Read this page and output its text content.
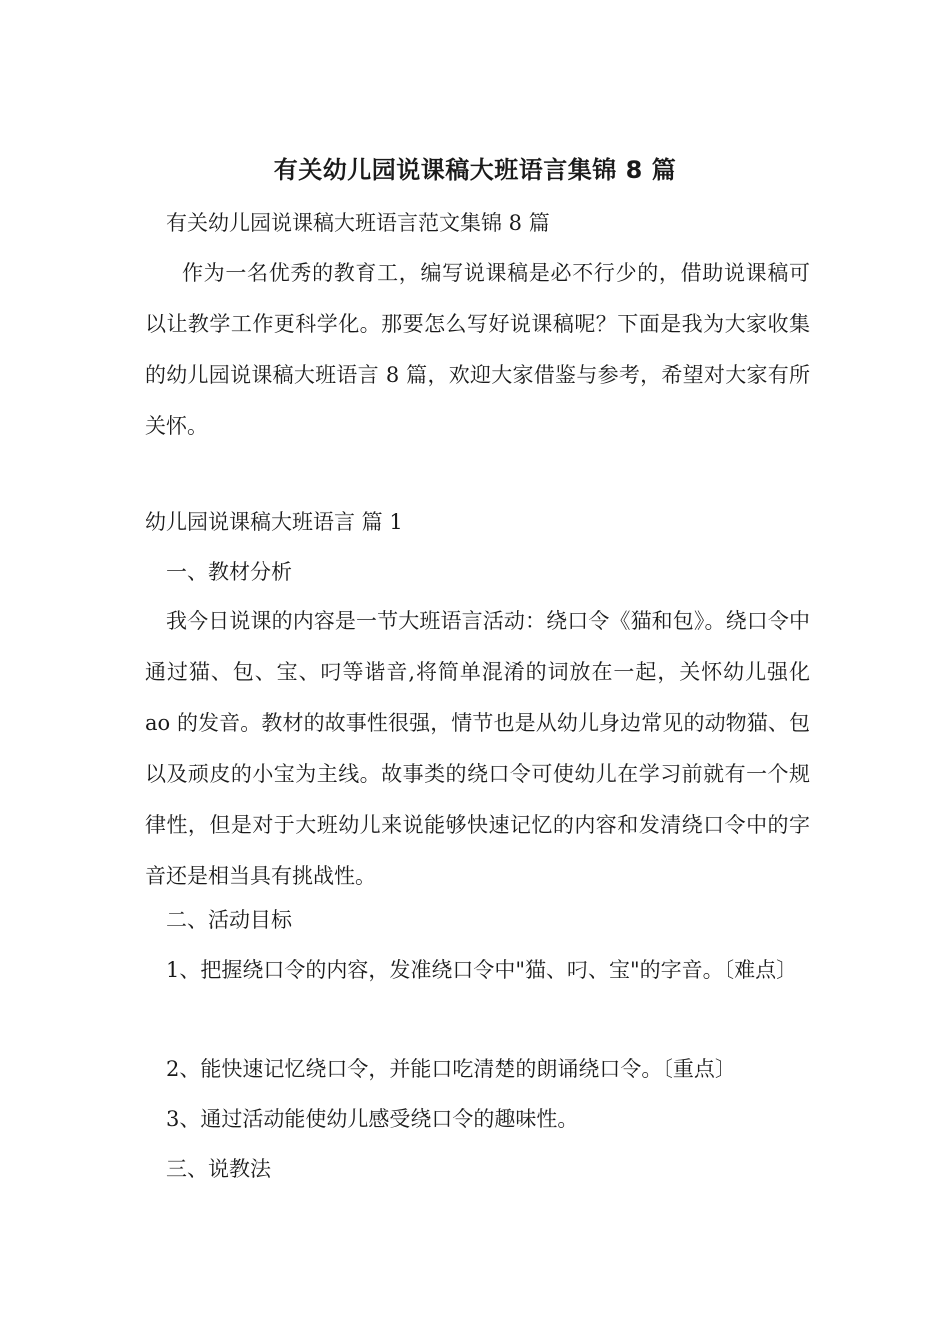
有关幼儿园说课稿大班语言集锦 8 篇
有关幼儿园说课稿大班语言范文集锦 8 篇
作为一名优秀的教育工，编写说课稿是必不行少的，借助说课稿可以让教学工作更科学化。那要怎么写好说课稿呢？下面是我为大家收集的幼儿园说课稿大班语言 8 篇，欢迎大家借鉴与参考，希望对大家有所关怀。
幼儿园说课稿大班语言 篇 1
一、教材分析
我今日说课的内容是一节大班语言活动：绕口令《猫和包》。绕口令中通过猫、包、宝、叼等谐音,将简单混淆的词放在一起，关怀幼儿强化 ao 的发音。教材的故事性很强，情节也是从幼儿身边常见的动物猫、包以及顽皮的小宝为主线。故事类的绕口令可使幼儿在学习前就有一个规律性，但是对于大班幼儿来说能够快速记忆的内容和发清绕口令中的字音还是相当具有挑战性。
二、活动目标
1、把握绕口令的内容，发准绕口令中"猫、叼、宝"的字音。〔难点〕
2、能快速记忆绕口令，并能口吃清楚的朗诵绕口令。〔重点〕
3、通过活动能使幼儿感受绕口令的趣味性。
三、说教法
